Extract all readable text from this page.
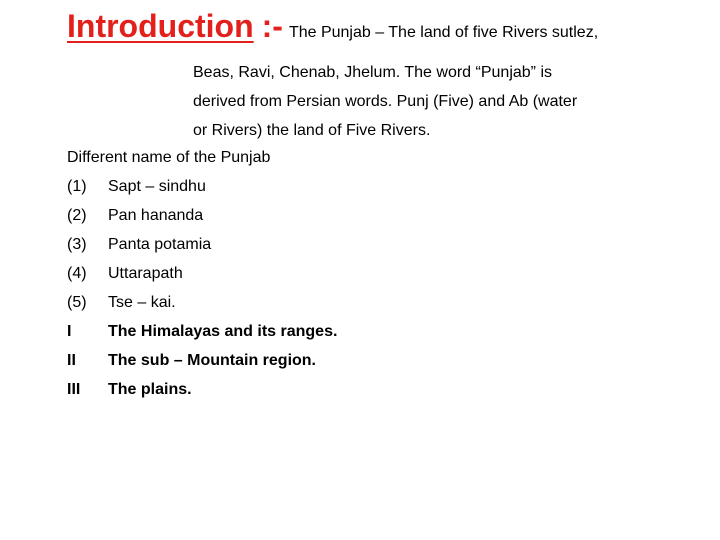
Introduction :- The Punjab – The land of five Rivers sutlez,
Beas, Ravi, Chenab, Jhelum. The word “Punjab” is
derived from Persian words. Punj (Five) and Ab (water
or Rivers) the land of Five Rivers.
Different name of the Punjab
(1) Sapt – sindhu
(2) Pan hananda
(3) Panta potamia
(4) Uttarapath
(5) Tse – kai.
I The Himalayas and its ranges.
II The sub – Mountain region.
III The plains.
